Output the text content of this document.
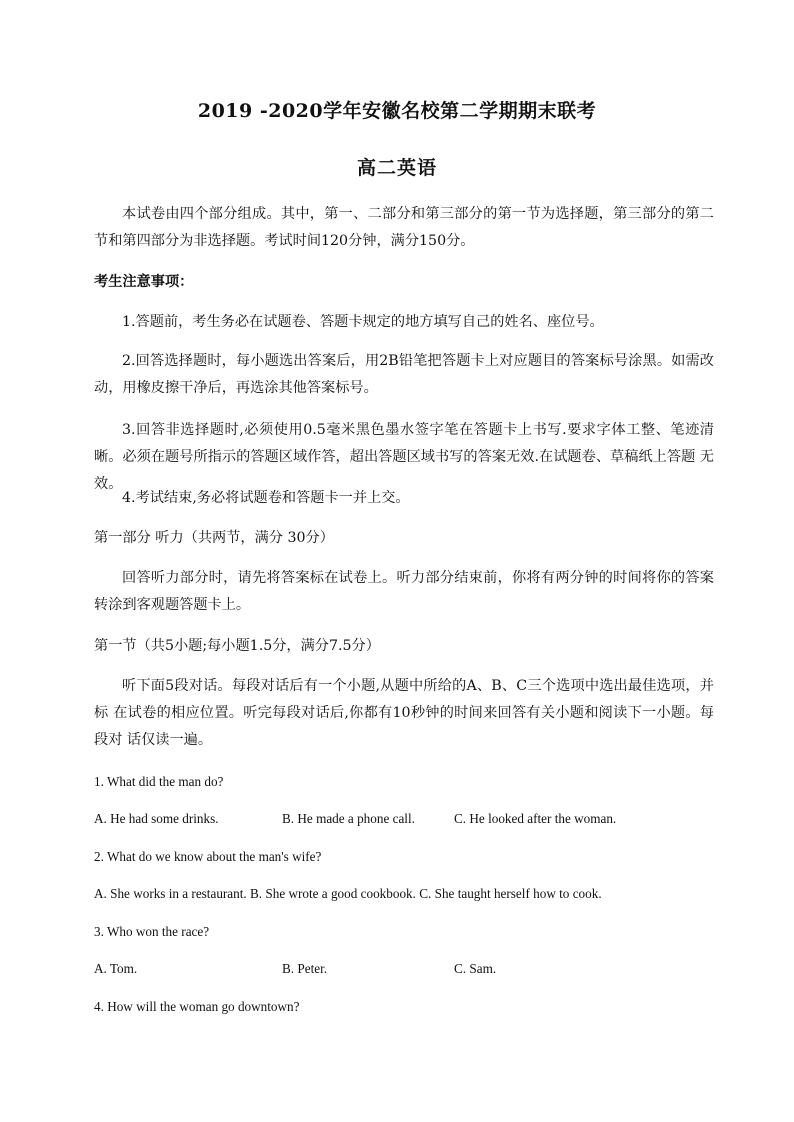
2019 -2020学年安徽名校第二学期期末联考
高二英语
本试卷由四个部分组成。其中，第一、二部分和第三部分的第一节为选择题，第三部分的第二节和第四部分为非选择题。考试时间120分钟，满分150分。
考生注意事项：
1.答题前，考生务必在试题卷、答题卡规定的地方填写自己的姓名、座位号。
2.回答选择题时，每小题选出答案后，用2B铅笔把答题卡上对应题目的答案标号涂黑。如需改动，用橡皮擦干净后，再选涂其他答案标号。
3.回答非选择题时,必须使用0.5毫米黑色墨水签字笔在答题卡上书写.要求字体工整、笔迹清晰。必须在题号所指示的答题区域作答，超出答题区域书写的答案无效.在试题卷、草稿纸上答题 无效。
4.考试结束,务必将试题卷和答题卡一并上交。
第一部分 听力（共两节，满分 30分）
回答听力部分时，请先将答案标在试卷上。听力部分结束前，你将有两分钟的时间将你的答案转涂到客观题答题卡上。
第一节（共5小题;每小题1.5分，满分7.5分）
听下面5段对话。每段对话后有一个小题,从题中所给的A、B、C三个选项中选出最佳选项，并标 在试卷的相应位置。听完每段对话后,你都有10秒钟的时间来回答有关小题和阅读下一小题。每段对 话仅读一遍。
1. What did the man do?
A. He had some drinks.	B. He made a phone call.	C. He looked after the woman.
2. What do we know about the man's wife?
A. She works in a restaurant. B. She wrote a good cookbook. C. She taught herself how to cook.
3. Who won the race?
A. Tom.	B. Peter.	C. Sam.
4. How will the woman go downtown?
